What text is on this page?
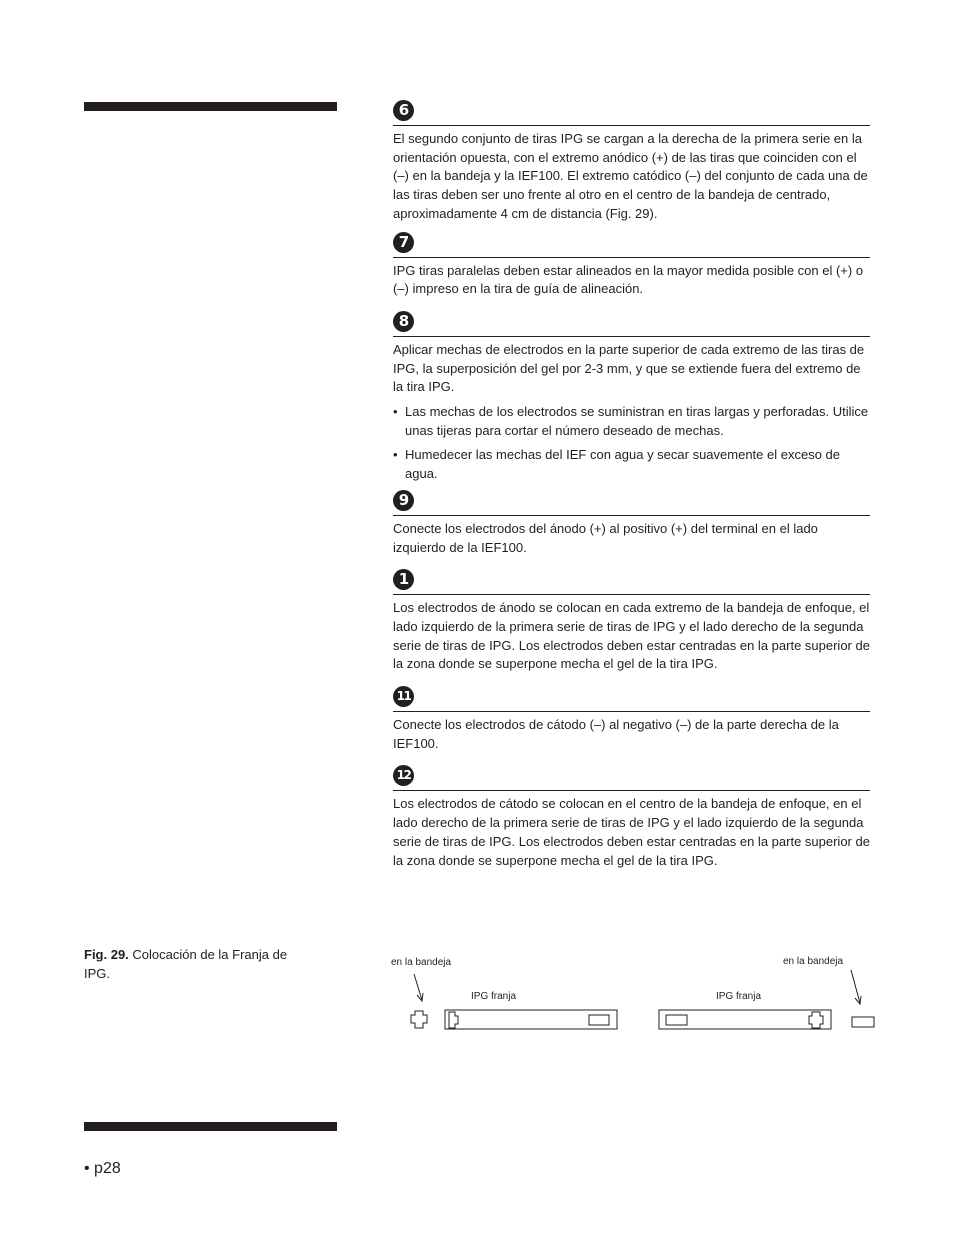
6

El segundo conjunto de tiras IPG se cargan a la derecha de la primera serie en la orientación opuesta, con el extremo anódico (+) de las tiras que coinciden con el (–) en la bandeja y la IEF100. El extremo catódico (–) del conjunto de cada una de las tiras deben ser uno frente al otro en el centro de la bandeja de centrado, aproximadamente 4 cm de distancia (Fig. 29).

7

IPG tiras paralelas deben estar alineados en la mayor medida posible con el (+) o (–) impreso en la tira de guía de alineación.

8

Aplicar mechas de electrodos en la parte superior de cada extremo de las tiras de IPG, la superposición del gel por 2-3 mm, y que se extiende fuera del extremo de la tira IPG.

• Las mechas de los electrodos se suministran en tiras largas y perforadas. Utilice unas tijeras para cortar el número deseado de mechas.
• Humedecer las mechas del IEF con agua y secar suavemente el exceso de agua.
9

Conecte los electrodos del ánodo (+) al positivo (+) del terminal en el lado izquierdo de la IEF100.

1

Los electrodos de ánodo se colocan en cada extremo de la bandeja de enfoque, el lado izquierdo de la primera serie de tiras de IPG y el lado derecho de la segunda serie de tiras de IPG. Los electrodos deben estar centradas en la parte superior de la zona donde se superpone mecha el gel de la tira IPG.

11

Conecte los electrodos de cátodo (–) al negativo (–) de la parte derecha de la IEF100.

12

Los electrodos de cátodo se colocan en el centro de la bandeja de enfoque, en el lado derecho de la primera serie de tiras de IPG y el lado izquierdo de la segunda serie de tiras de IPG. Los electrodos deben estar centradas en la parte superior de la zona donde se superpone mecha el gel de la tira IPG.

Fig. 29. Colocación de la Franja de IPG.
en la bandeja	en la bandeja
IPG franja	IPG franja
• p28
